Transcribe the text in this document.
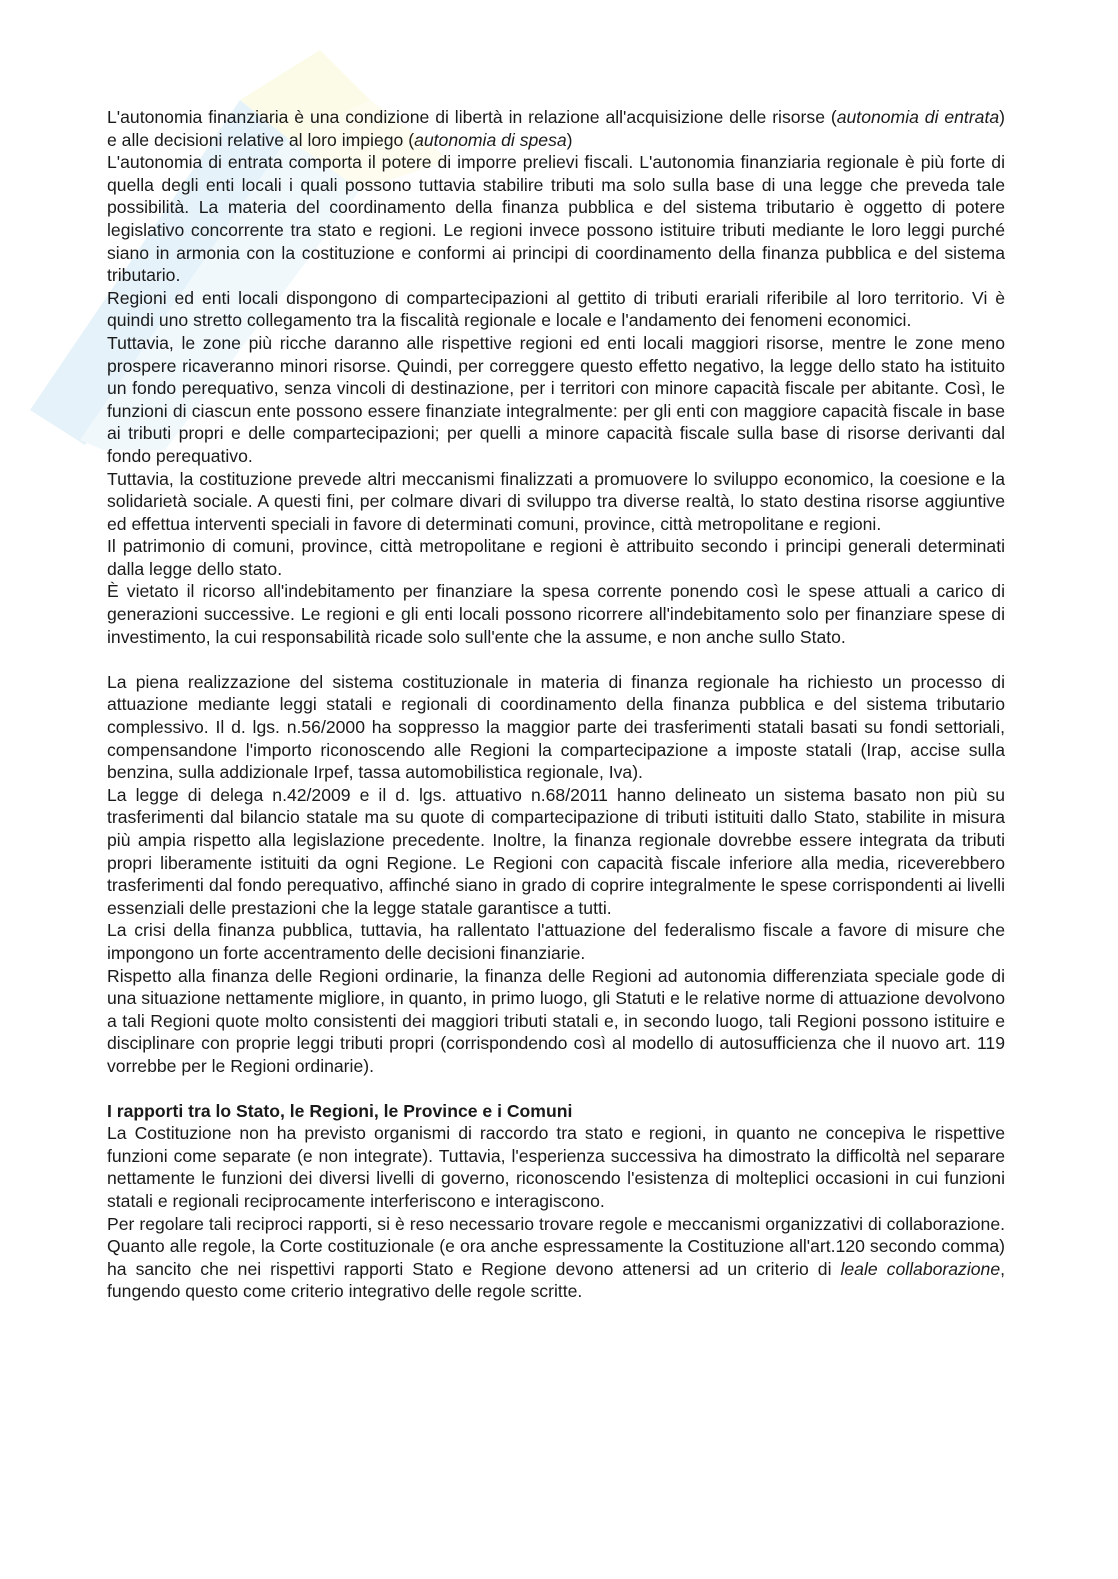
L'autonomia finanziaria è una condizione di libertà in relazione all'acquisizione delle risorse (autonomia di entrata) e alle decisioni relative al loro impiego (autonomia di spesa)

L'autonomia di entrata comporta il potere di imporre prelievi fiscali. L'autonomia finanziaria regionale è più forte di quella degli enti locali i quali possono tuttavia stabilire tributi ma solo sulla base di una legge che preveda tale possibilità. La materia del coordinamento della finanza pubblica e del sistema tributario è oggetto di potere legislativo concorrente tra stato e regioni. Le regioni invece possono istituire tributi mediante le loro leggi purché siano in armonia con la costituzione e conformi ai principi di coordinamento della finanza pubblica e del sistema tributario.

Regioni ed enti locali dispongono di compartecipazioni al gettito di tributi erariali riferibile al loro territorio. Vi è quindi uno stretto collegamento tra la fiscalità regionale e locale e l'andamento dei fenomeni economici.

Tuttavia, le zone più ricche daranno alle rispettive regioni ed enti locali maggiori risorse, mentre le zone meno prospere ricaveranno minori risorse. Quindi, per correggere questo effetto negativo, la legge dello stato ha istituito un fondo perequativo, senza vincoli di destinazione, per i territori con minore capacità fiscale per abitante. Così, le funzioni di ciascun ente possono essere finanziate integralmente: per gli enti con maggiore capacità fiscale in base ai tributi propri e delle compartecipazioni; per quelli a minore capacità fiscale sulla base di risorse derivanti dal fondo perequativo.

Tuttavia, la costituzione prevede altri meccanismi finalizzati a promuovere lo sviluppo economico, la coesione e la solidarietà sociale. A questi fini, per colmare divari di sviluppo tra diverse realtà, lo stato destina risorse aggiuntive ed effettua interventi speciali in favore di determinati comuni, province, città metropolitane e regioni.

Il patrimonio di comuni, province, città metropolitane e regioni è attribuito secondo i principi generali determinati dalla legge dello stato.

È vietato il ricorso all'indebitamento per finanziare la spesa corrente ponendo così le spese attuali a carico di generazioni successive. Le regioni e gli enti locali possono ricorrere all'indebitamento solo per finanziare spese di investimento, la cui responsabilità ricade solo sull'ente che la assume, e non anche sullo Stato.

La piena realizzazione del sistema costituzionale in materia di finanza regionale ha richiesto un processo di attuazione mediante leggi statali e regionali di coordinamento della finanza pubblica e del sistema tributario complessivo. Il d. lgs. n.56/2000 ha soppresso la maggior parte dei trasferimenti statali basati su fondi settoriali, compensandone l'importo riconoscendo alle Regioni la compartecipazione a imposte statali (Irap, accise sulla benzina, sulla addizionale Irpef, tassa automobilistica regionale, Iva).

La legge di delega n.42/2009 e il d. lgs. attuativo n.68/2011 hanno delineato un sistema basato non più su trasferimenti dal bilancio statale ma su quote di compartecipazione di tributi istituiti dallo Stato, stabilite in misura più ampia rispetto alla legislazione precedente. Inoltre, la finanza regionale dovrebbe essere integrata da tributi propri liberamente istituiti da ogni Regione. Le Regioni con capacità fiscale inferiore alla media, riceverebbero trasferimenti dal fondo perequativo, affinché siano in grado di coprire integralmente le spese corrispondenti ai livelli essenziali delle prestazioni che la legge statale garantisce a tutti.

La crisi della finanza pubblica, tuttavia, ha rallentato l'attuazione del federalismo fiscale a favore di misure che impongono un forte accentramento delle decisioni finanziarie.

Rispetto alla finanza delle Regioni ordinarie, la finanza delle Regioni ad autonomia differenziata speciale gode di una situazione nettamente migliore, in quanto, in primo luogo, gli Statuti e le relative norme di attuazione devolvono a tali Regioni quote molto consistenti dei maggiori tributi statali e, in secondo luogo, tali Regioni possono istituire e disciplinare con proprie leggi tributi propri (corrispondendo così al modello di autosufficienza che il nuovo art. 119 vorrebbe per le Regioni ordinarie).

I rapporti tra lo Stato, le Regioni, le Province e i Comuni

La Costituzione non ha previsto organismi di raccordo tra stato e regioni, in quanto ne concepiva le rispettive funzioni come separate (e non integrate). Tuttavia, l'esperienza successiva ha dimostrato la difficoltà nel separare nettamente le funzioni dei diversi livelli di governo, riconoscendo l'esistenza di molteplici occasioni in cui funzioni statali e regionali reciprocamente interferiscono e interagiscono.

Per regolare tali reciproci rapporti, si è reso necessario trovare regole e meccanismi organizzativi di collaborazione. Quanto alle regole, la Corte costituzionale (e ora anche espressamente la Costituzione all'art.120 secondo comma) ha sancito che nei rispettivi rapporti Stato e Regione devono attenersi ad un criterio di leale collaborazione, fungendo questo come criterio integrativo delle regole scritte.
